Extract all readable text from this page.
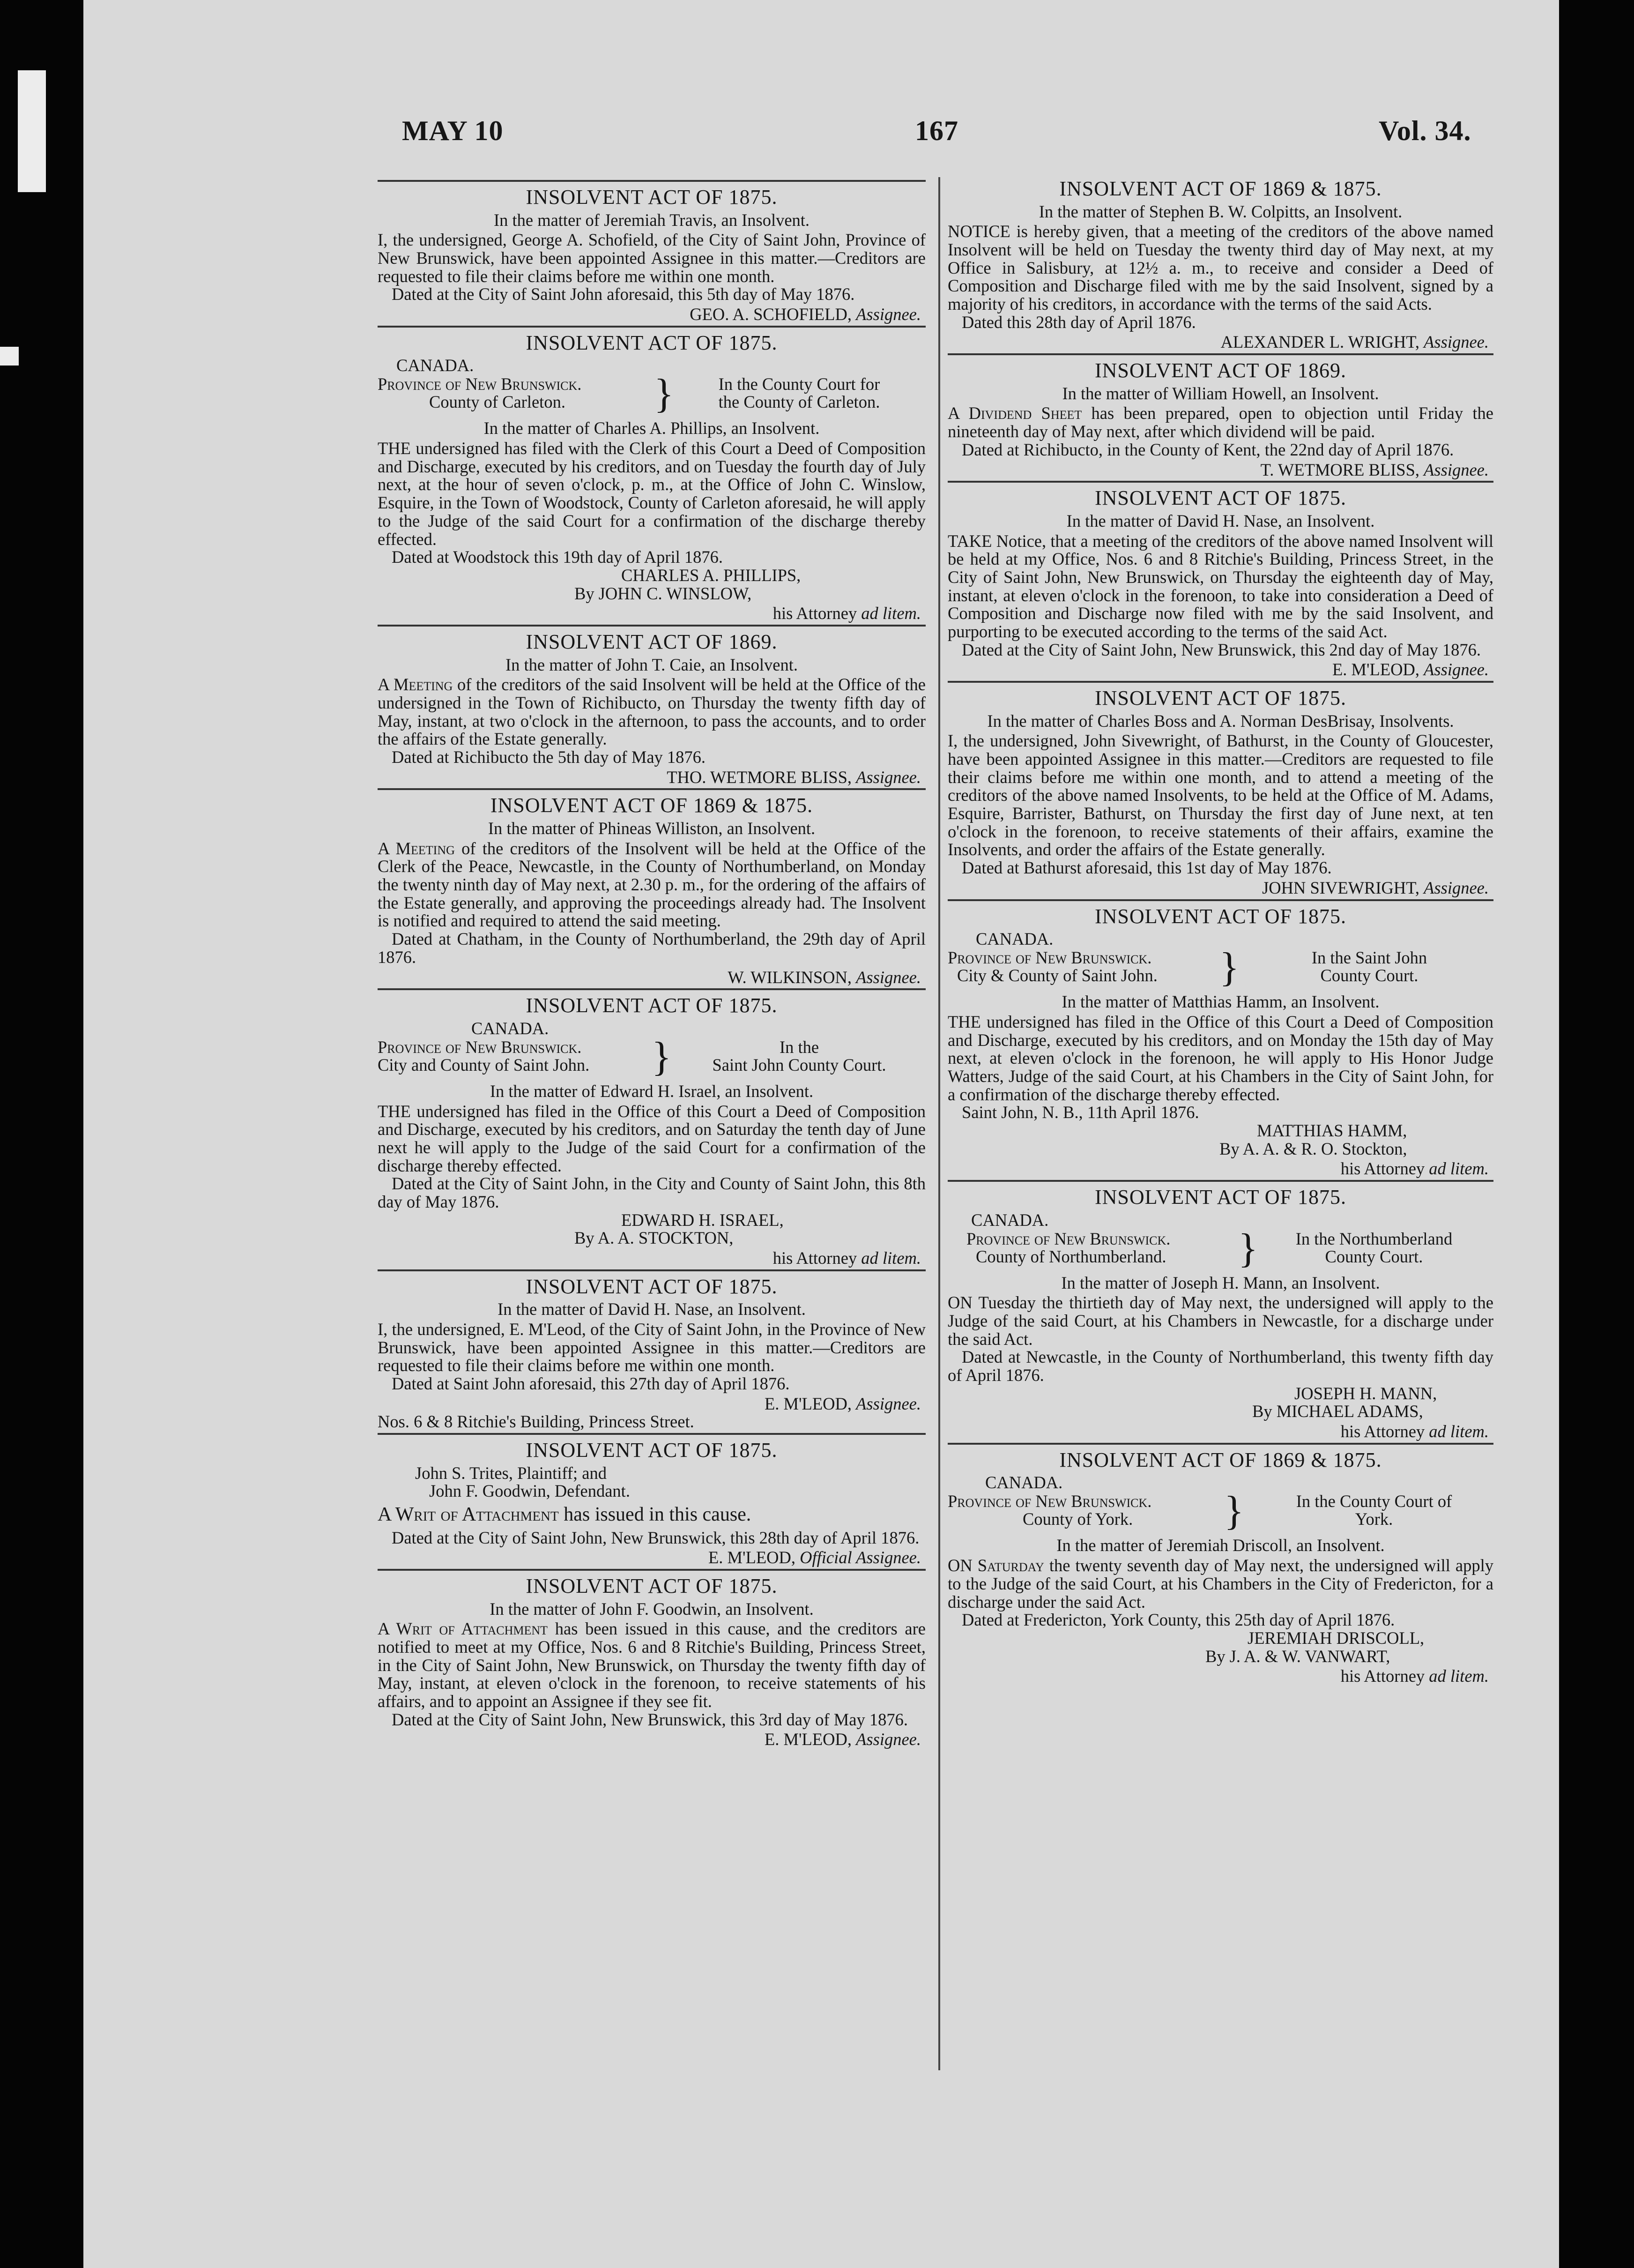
MAY 10	167	Vol. 34.
INSOLVENT ACT OF 1875.
In the matter of Jeremiah Travis, an Insolvent.

I, the undersigned, George A. Schofield, of the City of Saint John, Province of New Brunswick, have been appointed Assignee in this matter.—Creditors are requested to file their claims before me within one month.

Dated at the City of Saint John aforesaid, this 5th day of May 1876.

GEO. A. SCHOFIELD, Assignee.

INSOLVENT ACT OF 1875.
CANADA.
Province of New Brunswick.
County of Carleton. }	In the County Court for
the County of Carleton.
In the matter of Charles A. Phillips, an Insolvent.

THE undersigned has filed with the Clerk of this Court a Deed of Composition and Discharge, executed by his creditors, and on Tuesday the fourth day of July next, at the hour of seven o'clock, p. m., at the Office of John C. Winslow, Esquire, in the Town of Woodstock, County of Carleton aforesaid, he will apply to the Judge of the said Court for a confirmation of the discharge thereby effected.

Dated at Woodstock this 19th day of April 1876.

CHARLES A. PHILLIPS,

By JOHN C. WINSLOW,

his Attorney ad litem.

INSOLVENT ACT OF 1869.
In the matter of John T. Caie, an Insolvent.

A Meeting of the creditors of the said Insolvent will be held at the Office of the undersigned in the Town of Richibucto, on Thursday the twenty fifth day of May, instant, at two o'clock in the afternoon, to pass the accounts, and to order the affairs of the Estate generally.

Dated at Richibucto the 5th day of May 1876.

THO. WETMORE BLISS, Assignee.

INSOLVENT ACT OF 1869 & 1875.
In the matter of Phineas Williston, an Insolvent.

A Meeting of the creditors of the Insolvent will be held at the Office of the Clerk of the Peace, Newcastle, in the County of Northumberland, on Monday the twenty ninth day of May next, at 2.30 p. m., for the ordering of the affairs of the Estate generally, and approving the proceedings already had. The Insolvent is notified and required to attend the said meeting.

Dated at Chatham, in the County of Northumberland, the 29th day of April 1876.

W. WILKINSON, Assignee.

INSOLVENT ACT OF 1875.
CANADA.
Province of New Brunswick.
City and County of Saint John. }	In the
Saint John County Court.
In the matter of Edward H. Israel, an Insolvent.

THE undersigned has filed in the Office of this Court a Deed of Composition and Discharge, executed by his creditors, and on Saturday the tenth day of June next he will apply to the Judge of the said Court for a confirmation of the discharge thereby effected.

Dated at the City of Saint John, in the City and County of Saint John, this 8th day of May 1876.

EDWARD H. ISRAEL,

By A. A. STOCKTON,

his Attorney ad litem.

INSOLVENT ACT OF 1875.
In the matter of David H. Nase, an Insolvent.

I, the undersigned, E. M'Leod, of the City of Saint John, in the Province of New Brunswick, have been appointed Assignee in this matter.—Creditors are requested to file their claims before me within one month.

Dated at Saint John aforesaid, this 27th day of April 1876.

E. M'LEOD, Assignee.

Nos. 6 & 8 Ritchie's Building, Princess Street.

INSOLVENT ACT OF 1875.

John S. Trites, Plaintiff; and

John F. Goodwin, Defendant.

A Writ of Attachment has issued in this cause.

Dated at the City of Saint John, New Brunswick, this 28th day of April 1876.

E. M'LEOD, Official Assignee.

INSOLVENT ACT OF 1875.
In the matter of John F. Goodwin, an Insolvent.

A Writ of Attachment has been issued in this cause, and the creditors are notified to meet at my Office, Nos. 6 and 8 Ritchie's Building, Princess Street, in the City of Saint John, New Brunswick, on Thursday the twenty fifth day of May, instant, at eleven o'clock in the forenoon, to receive statements of his affairs, and to appoint an Assignee if they see fit.

Dated at the City of Saint John, New Brunswick, this 3rd day of May 1876.

E. M'LEOD, Assignee.

INSOLVENT ACT OF 1869 & 1875.
In the matter of Stephen B. W. Colpitts, an Insolvent.

NOTICE is hereby given, that a meeting of the creditors of the above named Insolvent will be held on Tuesday the twenty third day of May next, at my Office in Salisbury, at 12½ a. m., to receive and consider a Deed of Composition and Discharge filed with me by the said Insolvent, signed by a majority of his creditors, in accordance with the terms of the said Acts.

Dated this 28th day of April 1876.

ALEXANDER L. WRIGHT, Assignee.

INSOLVENT ACT OF 1869.
In the matter of William Howell, an Insolvent.

A Dividend Sheet has been prepared, open to objection until Friday the nineteenth day of May next, after which dividend will be paid.

Dated at Richibucto, in the County of Kent, the 22nd day of April 1876.

T. WETMORE BLISS, Assignee.

INSOLVENT ACT OF 1875.
In the matter of David H. Nase, an Insolvent.

TAKE Notice, that a meeting of the creditors of the above named Insolvent will be held at my Office, Nos. 6 and 8 Ritchie's Building, Princess Street, in the City of Saint John, New Brunswick, on Thursday the eighteenth day of May, instant, at eleven o'clock in the forenoon, to take into consideration a Deed of Composition and Discharge now filed with me by the said Insolvent, and purporting to be executed according to the terms of the said Act.

Dated at the City of Saint John, New Brunswick, this 2nd day of May 1876.

E. M'LEOD, Assignee.

INSOLVENT ACT OF 1875.
In the matter of Charles Boss and A. Norman DesBrisay, Insolvents.

I, the undersigned, John Sivewright, of Bathurst, in the County of Gloucester, have been appointed Assignee in this matter.—Creditors are requested to file their claims before me within one month, and to attend a meeting of the creditors of the above named Insolvents, to be held at the Office of M. Adams, Esquire, Barrister, Bathurst, on Thursday the first day of June next, at ten o'clock in the forenoon, to receive statements of their affairs, examine the Insolvents, and order the affairs of the Estate generally.

Dated at Bathurst aforesaid, this 1st day of May 1876.

JOHN SIVEWRIGHT, Assignee.

INSOLVENT ACT OF 1875.
CANADA.
Province of New Brunswick.
City & County of Saint John. }	In the Saint John
County Court.
In the matter of Matthias Hamm, an Insolvent.

THE undersigned has filed in the Office of this Court a Deed of Composition and Discharge, executed by his creditors, and on Monday the 15th day of May next, at eleven o'clock in the forenoon, he will apply to His Honor Judge Watters, Judge of the said Court, at his Chambers in the City of Saint John, for a confirmation of the discharge thereby effected.

Saint John, N. B., 11th April 1876.

MATTHIAS HAMM,

By A. A. & R. O. Stockton,

his Attorney ad litem.

INSOLVENT ACT OF 1875.
CANADA.
Province of New Brunswick.
County of Northumberland. }	In the Northumberland
County Court.
In the matter of Joseph H. Mann, an Insolvent.

ON Tuesday the thirtieth day of May next, the undersigned will apply to the Judge of the said Court, at his Chambers in Newcastle, for a discharge under the said Act.

Dated at Newcastle, in the County of Northumberland, this twenty fifth day of April 1876.

JOSEPH H. MANN,

By MICHAEL ADAMS,

his Attorney ad litem.

INSOLVENT ACT OF 1869 & 1875.
CANADA.
Province of New Brunswick.
County of York. }	In the County Court of
York.
In the matter of Jeremiah Driscoll, an Insolvent.

ON Saturday the twenty seventh day of May next, the undersigned will apply to the Judge of the said Court, at his Chambers in the City of Fredericton, for a discharge under the said Act.

Dated at Fredericton, York County, this 25th day of April 1876.

JEREMIAH DRISCOLL,

By J. A. & W. VANWART,

his Attorney ad litem.
